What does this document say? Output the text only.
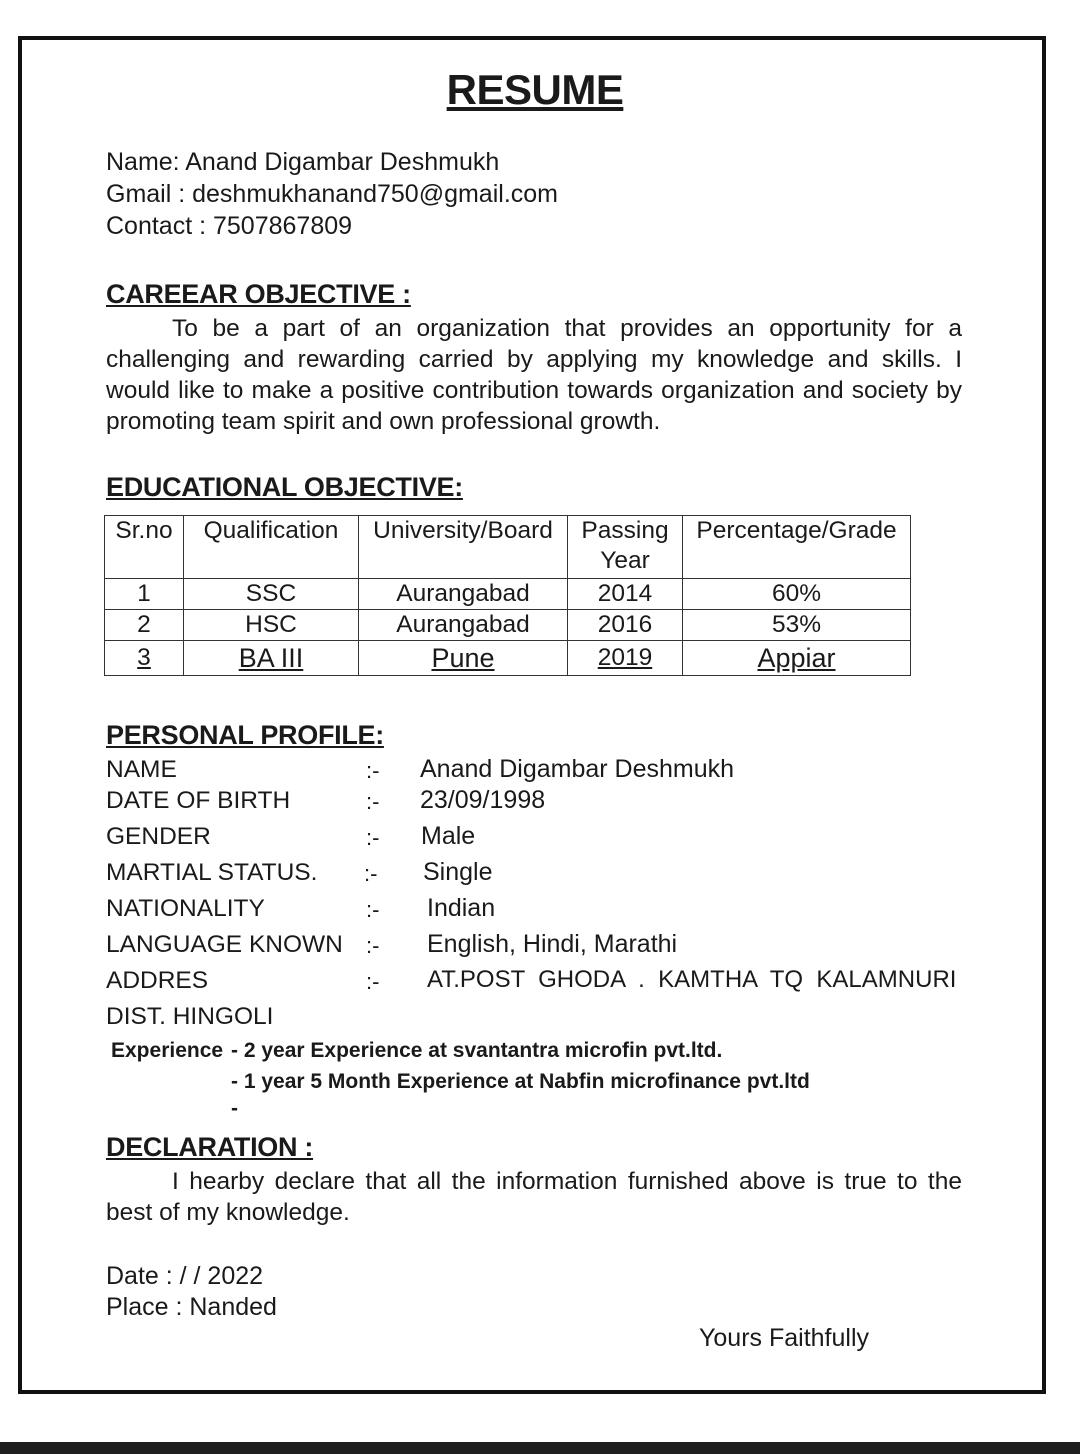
RESUME
Name: Anand Digambar Deshmukh
Gmail : deshmukhanand750@gmail.com
Contact : 7507867809
CAREEAR OBJECTIVE :
To be a part of an organization that provides an opportunity for a challenging and rewarding carried by applying my knowledge and skills. I would like to make a positive contribution towards organization and society by promoting team spirit and own professional growth.
EDUCATIONAL OBJECTIVE:
Sr.no	Qualification	University/Board	Passing Year	Percentage/Grade
1	SSC	Aurangabad	2014	60%
2	HSC	Aurangabad	2016	53%
3	BA III	Pune	2019	Appiar
PERSONAL PROFILE:
NAME	:- Anand Digambar Deshmukh
DATE OF BIRTH	:- 23/09/1998
GENDER	:- Male
MARTIAL STATUS. :- Single
NATIONALITY	:- Indian
LANGUAGE KNOWN :- English, Hindi, Marathi
ADDRES	:- AT.POST  GHODA  .  KAMTHA  TQ  KALAMNURI
DIST. HINGOLI
Experience - 2 year Experience at svantantra microfin pvt.ltd.
- 1 year 5 Month Experience at Nabfin microfinance pvt.ltd
-
DECLARATION :
I hearby declare that all the information furnished above is true to the best of my knowledge.
Date : / / 2022
Place : Nanded
Yours Faithfully
